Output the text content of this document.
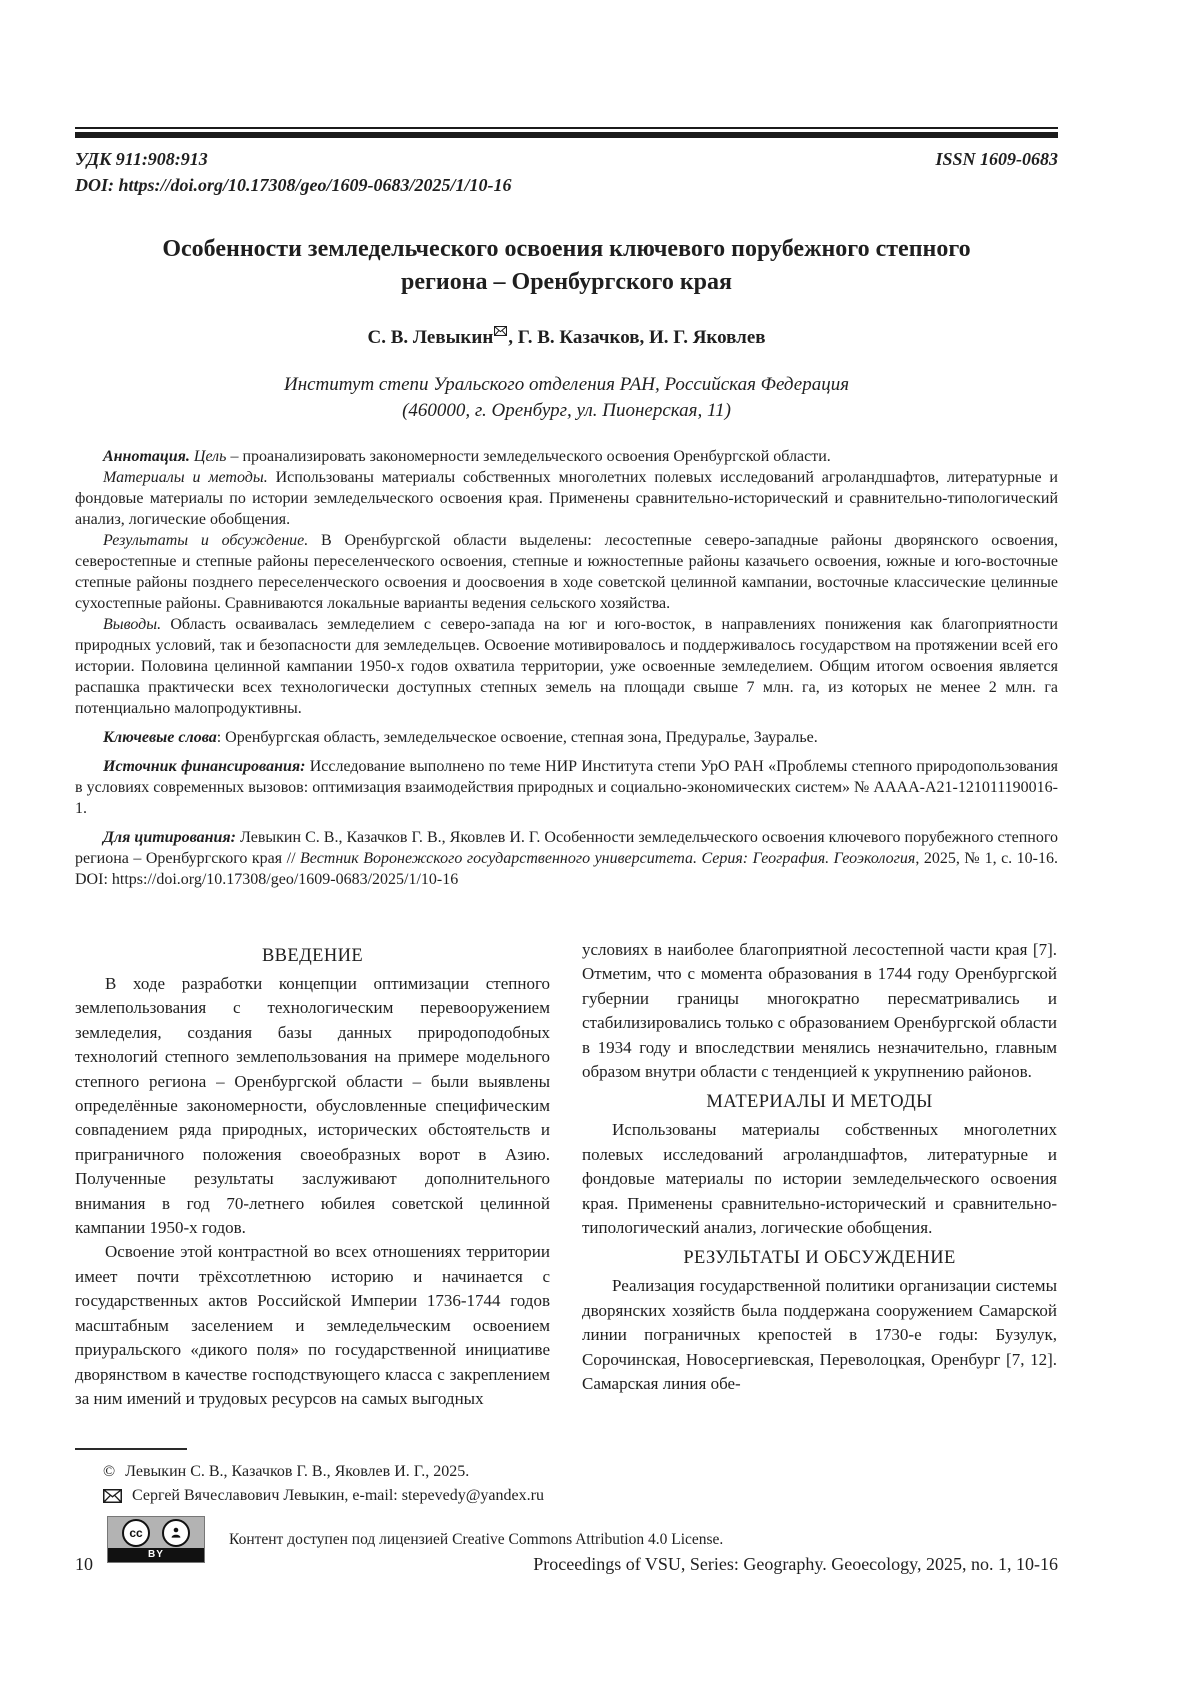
УДК 911:908:913	ISSN 1609-0683
DOI: https://doi.org/10.17308/geo/1609-0683/2025/1/10-16
Особенности земледельческого освоения ключевого порубежного степного региона – Оренбургского края
С. В. Левыкин , Г. В. Казачков, И. Г. Яковлев
Институт степи Уральского отделения РАН, Российская Федерация
(460000, г. Оренбург, ул. Пионерская, 11)

Аннотация. Цель – проанализировать закономерности земледельческого освоения Оренбургской области.

Материалы и методы. Использованы материалы собственных многолетних полевых исследований агроландшафтов, литературные и фондовые материалы по истории земледельческого освоения края. Применены сравнительно-исторический и сравнительно-типологический анализ, логические обобщения.

Результаты и обсуждение. В Оренбургской области выделены: лесостепные северо-западные районы дворянского освоения, северостепные и степные районы переселенческого освоения, степные и южностепные районы казачьего освоения, южные и юго-восточные степные районы позднего переселенческого освоения и доосвоения в ходе советской целинной кампании, восточные классические целинные сухостепные районы. Сравниваются локальные варианты ведения сельского хозяйства.

Выводы. Область осваивалась земледелием с северо-запада на юг и юго-восток, в направлениях понижения как благоприятности природных условий, так и безопасности для земледельцев. Освоение мотивировалось и поддерживалось государством на протяжении всей его истории. Половина целинной кампании 1950-х годов охватила территории, уже освоенные земледелием. Общим итогом освоения является распашка практически всех технологически доступных степных земель на площади свыше 7 млн. га, из которых не менее 2 млн. га потенциально малопродуктивны.

Ключевые слова: Оренбургская область, земледельческое освоение, степная зона, Предуралье, Зауралье.

Источник финансирования: Исследование выполнено по теме НИР Института степи УрО РАН «Проблемы степного природопользования в условиях современных вызовов: оптимизация взаимодействия природных и социально-экономических систем» № АААА-А21-121011190016-1.

Для цитирования: Левыкин С. В., Казачков Г. В., Яковлев И. Г. Особенности земледельческого освоения ключевого порубежного степного региона – Оренбургского края // Вестник Воронежского государственного университета. Серия: География. Геоэкология, 2025, № 1, с. 10-16. DOI: https://doi.org/10.17308/geo/1609-0683/2025/1/10-16

ВВЕДЕНИЕ

В ходе разработки концепции оптимизации степного землепользования с технологическим перевооружением земледелия, создания базы данных природоподобных технологий степного землепользования на примере модельного степного региона – Оренбургской области – были выявлены определённые закономерности, обусловленные специфическим совпадением ряда природных, исторических обстоятельств и приграничного положения своеобразных ворот в Азию. Полученные результаты заслуживают дополнительного внимания в год 70-летнего юбилея советской целинной кампании 1950-х годов.

Освоение этой контрастной во всех отношениях территории имеет почти трёхсотлетнюю историю и начинается с государственных актов Российской Империи 1736-1744 годов масштабным заселением и земледельческим освоением приуральского «дикого поля» по государственной инициативе дворянством в качестве господствующего класса с закреплением за ним имений и трудовых ресурсов на самых выгодных

условиях в наиболее благоприятной лесостепной части края [7]. Отметим, что с момента образования в 1744 году Оренбургской губернии границы многократно пересматривались и стабилизировались только с образованием Оренбургской области в 1934 году и впоследствии менялись незначительно, главным образом внутри области с тенденцией к укрупнению районов.

МАТЕРИАЛЫ И МЕТОДЫ

Использованы материалы собственных многолетних полевых исследований агроландшафтов, литературные и фондовые материалы по истории земледельческого освоения края. Применены сравнительно-исторический и сравнительно-типологический анализ, логические обобщения.

РЕЗУЛЬТАТЫ И ОБСУЖДЕНИЕ

Реализация государственной политики организации системы дворянских хозяйств была поддержана сооружением Самарской линии пограничных крепостей в 1730-е годы: Бузулук, Сорочинская, Новосергиевская, Переволоцкая, Оренбург [7, 12]. Самарская линия обе-

© Левыкин С. В., Казачков Г. В., Яковлев И. Г., 2025.
Сергей Вячеславович Левыкин, e-mail: stepevedy@yandex.ru
cc
BY
Контент доступен под лицензией Creative Commons Attribution 4.0 License.
10	Proceedings of VSU, Series: Geography. Geoecology, 2025, no. 1, 10-16
